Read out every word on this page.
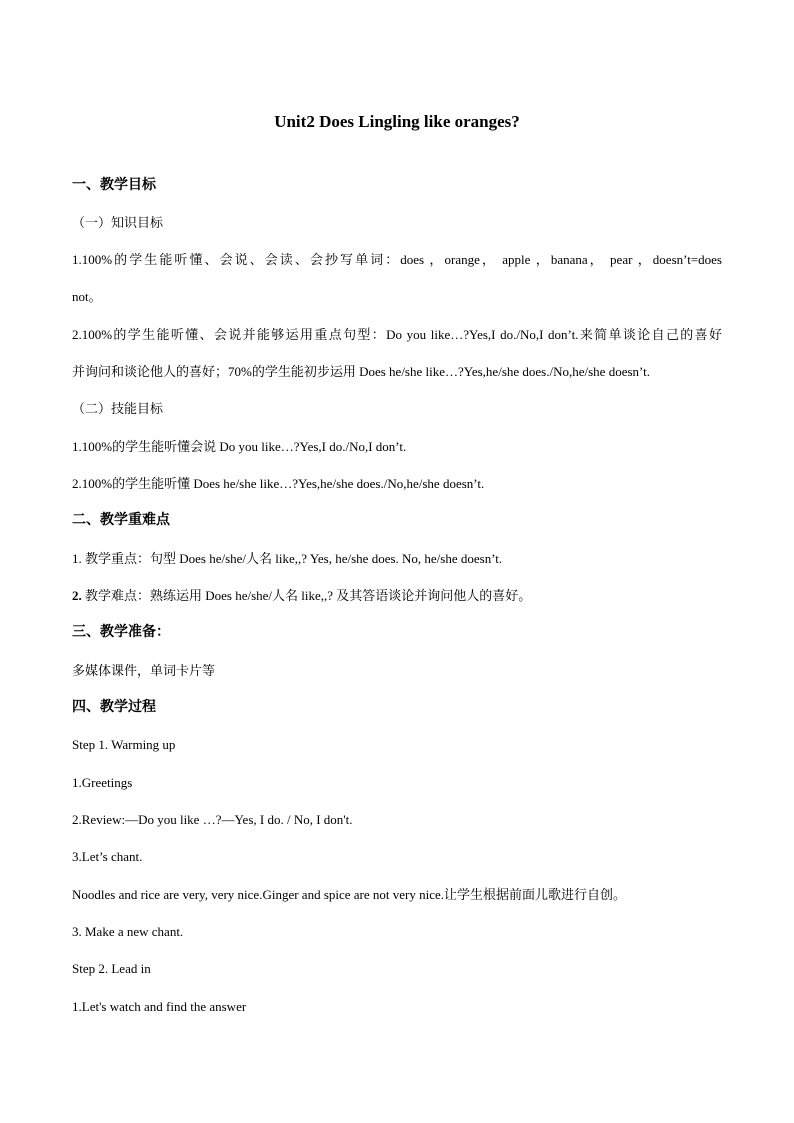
Unit2 Does Lingling like oranges?
一、教学目标
（一）知识目标
1.100%的学生能听懂、会说、会读、会抄写单词：does ，orange， apple ，banana， pear ，doesn’t=does
not。
2.100%的学生能听懂、会说并能够运用重点句型：Do you like…?Yes,I do./No,I don’t.来简单谈论自己的喜好
并询问和谈论他人的喜好；70%的学生能初步运用 Does he/she like…?Yes,he/she does./No,he/she doesn’t.
（二）技能目标
1.100%的学生能听懂会说 Do you like…?Yes,I do./No,I don’t.
2.100%的学生能听懂 Does he/she like…?Yes,he/she does./No,he/she doesn’t.
二、教学重难点
1. 教学重点：句型 Does he/she/人名 like,,? Yes, he/she does. No, he/she doesn’t.
2. 教学难点：熟练运用 Does he/she/人名 like,,? 及其答语谈论并询问他人的喜好。
三、教学准备：
多媒体课件，单词卡片等
四、教学过程
Step 1. Warming up
1.Greetings
2.Review:—Do you like …?—Yes, I do. / No, I don't.
3.Let’s chant.
Noodles and rice are very, very nice.Ginger and spice are not very nice.让学生根据前面儿歌进行自创。
3. Make a new chant.
Step 2. Lead in
1.Let's watch and find the answer
